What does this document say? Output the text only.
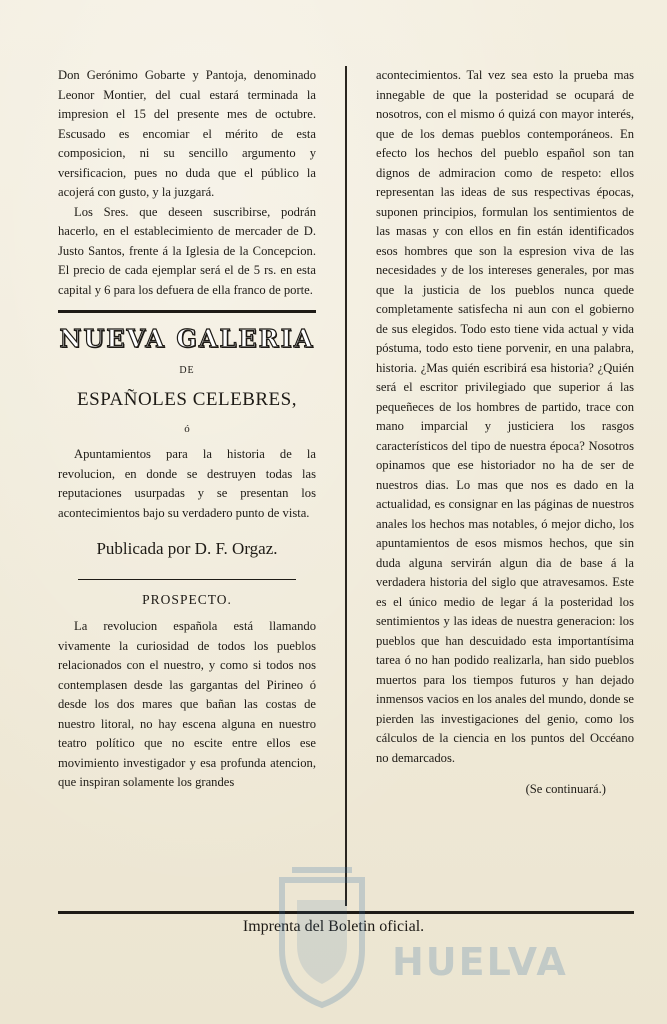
Don Gerónimo Gobarte y Pantoja, denominado Leonor Montier, del cual estará terminada la impresion el 15 del presente mes de octubre. Escusado es encomiar el mérito de esta composicion, ni su sencillo argumento y versificacion, pues no duda que el público la acojerá con gusto, y la juzgará.

Los Sres. que deseen suscribirse, podrán hacerlo, en el establecimiento de mercader de D. Justo Santos, frente á la Iglesia de la Concepcion. El precio de cada ejemplar será el de 5 rs. en esta capital y 6 para los defuera de ella franco de porte.

NUEVA GALERIA
DE
ESPAÑOLES CELEBRES,
ó

Apuntamientos para la historia de la revolucion, en donde se destruyen todas las reputaciones usurpadas y se presentan los acontecimientos bajo su verdadero punto de vista.

Publicada por D. F. Orgaz.
PROSPECTO.

La revolucion española está llamando vivamente la curiosidad de todos los pueblos relacionados con el nuestro, y como si todos nos contemplasen desde las gargantas del Pirineo ó desde los dos mares que bañan las costas de nuestro litoral, no hay escena alguna en nuestro teatro político que no escite entre ellos ese movimiento investigador y esa profunda atencion, que inspiran solamente los grandes

acontecimientos. Tal vez sea esto la prueba mas innegable de que la posteridad se ocupará de nosotros, con el mismo ó quizá con mayor interés, que de los demas pueblos contemporáneos. En efecto los hechos del pueblo español son tan dignos de admiracion como de respeto: ellos representan las ideas de sus respectivas épocas, suponen principios, formulan los sentimientos de las masas y con ellos en fin están identificados esos hombres que son la espresion viva de las necesidades y de los intereses generales, por mas que la justicia de los pueblos nunca quede completamente satisfecha ni aun con el gobierno de sus elegidos. Todo esto tiene vida actual y vida póstuma, todo esto tiene porvenir, en una palabra, historia. ¿Mas quién escribirá esa historia? ¿Quién será el escritor privilegiado que superior á las pequeñeces de los hombres de partido, trace con mano imparcial y justiciera los rasgos característicos del tipo de nuestra época? Nosotros opinamos que ese historiador no ha de ser de nuestros dias. Lo mas que nos es dado en la actualidad, es consignar en las páginas de nuestros anales los hechos mas notables, ó mejor dicho, los apuntamientos de esos mismos hechos, que sin duda alguna servirán algun dia de base á la verdadera historia del siglo que atravesamos. Este es el único medio de legar á la posteridad los sentimientos y las ideas de nuestra generacion: los pueblos que han descuidado esta importantísima tarea ó no han podido realizarla, han sido pueblos muertos para los tiempos futuros y han dejado inmensos vacios en los anales del mundo, donde se pierden las investigaciones del genio, como los cálculos de la ciencia en los puntos del Occéano no demarcados.

(Se continuará.)
Imprenta del Boletin oficial.
HUELVA
